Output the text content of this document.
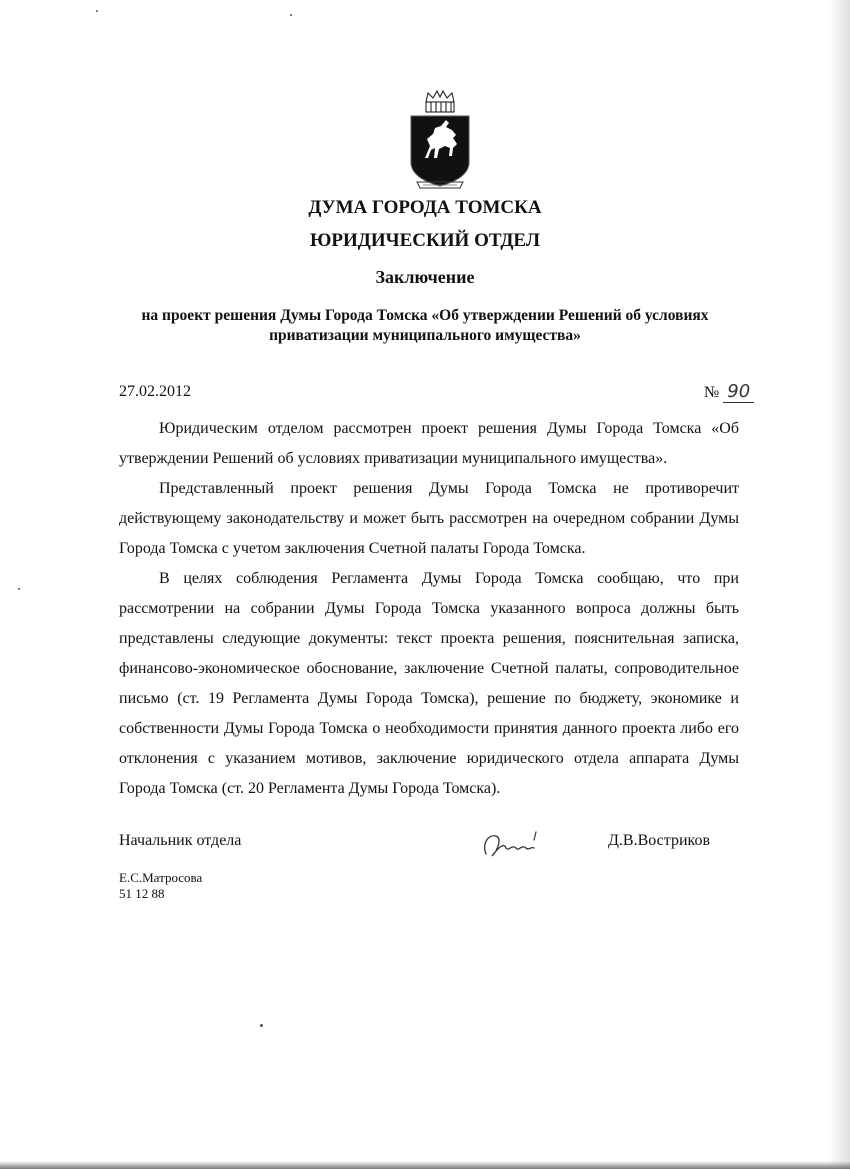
ДУМА ГОРОДА ТОМСКА
ЮРИДИЧЕСКИЙ ОТДЕЛ
Заключение
на проект решения Думы Города Томска «Об утверждении Решений об условиях
приватизации муниципального имущества»
27.02.2012	№ 90

Юридическим отделом рассмотрен проект решения Думы Города Томска «Об утверждении Решений об условиях приватизации муниципального имущества».

Представленный проект решения Думы Города Томска не противоречит действующему законодательству и может быть рассмотрен на очередном собрании Думы Города Томска с учетом заключения Счетной палаты Города Томска.

В целях соблюдения Регламента Думы Города Томска сообщаю, что при рассмотрении на собрании Думы Города Томска указанного вопроса должны быть представлены следующие документы: текст проекта решения, пояснительная записка, финансово-экономическое обоснование, заключение Счетной палаты, сопроводительное письмо (ст. 19 Регламента Думы Города Томска), решение по бюджету, экономике и собственности Думы Города Томска о необходимости принятия данного проекта либо его отклонения с указанием мотивов, заключение юридического отдела аппарата Думы Города Томска (ст. 20 Регламента Думы Города Томска).

Начальник отдела	Д.В.Востриков
Е.С.Матросова
51 12 88
